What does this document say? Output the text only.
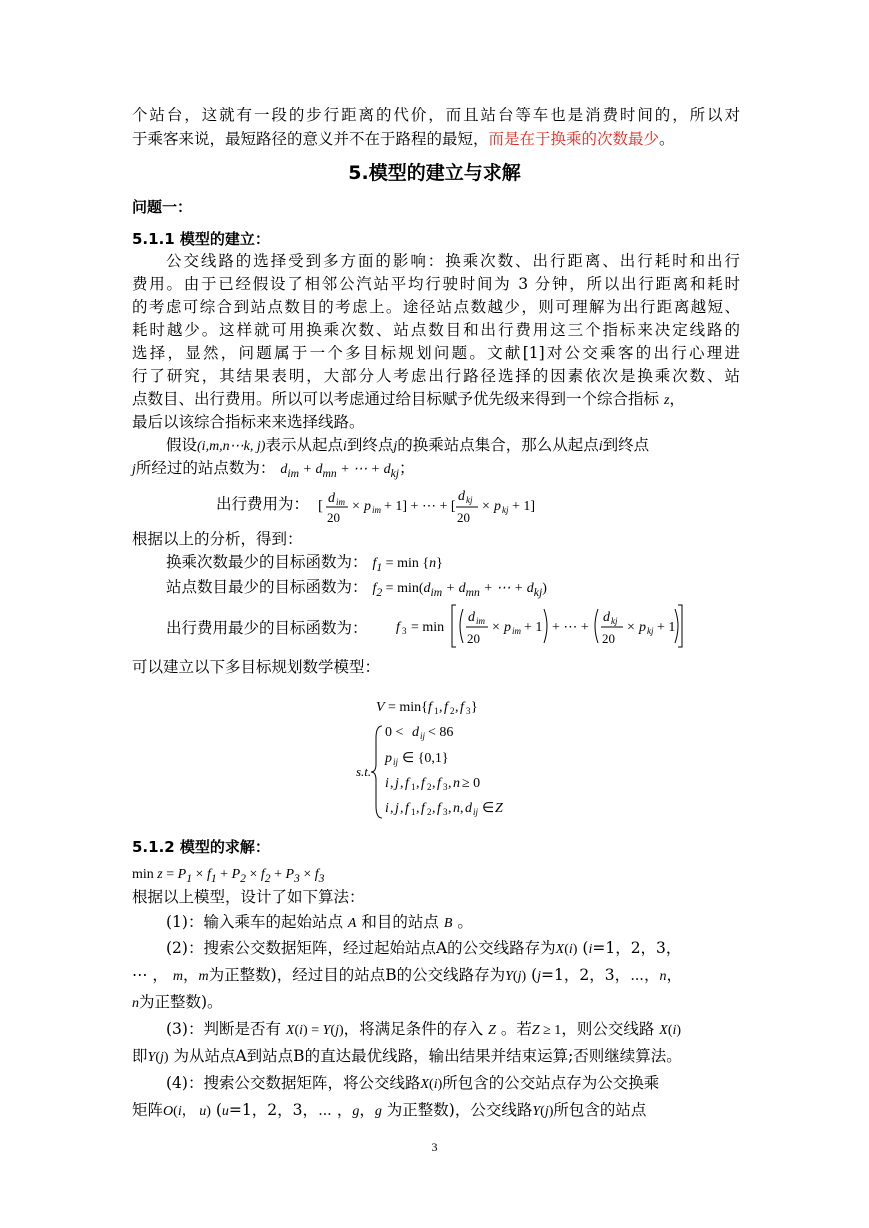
个站台，这就有一段的步行距离的代价，而且站台等车也是消费时间的，所以对
于乘客来说，最短路径的意义并不在于路程的最短，而是在于换乘的次数最少。
5.模型的建立与求解
问题一：
5.1.1 模型的建立：
公交线路的选择受到多方面的影响：换乘次数、出行距离、出行耗时和出行
费用。由于已经假设了相邻公汽站平均行驶时间为 3 分钟，所以出行距离和耗时
的考虑可综合到站点数目的考虑上。途径站点数越少，则可理解为出行距离越短、
耗时越少。这样就可用换乘次数、站点数目和出行费用这三个指标来决定线路的
选择，显然，问题属于一个多目标规划问题。文献[1]对公交乘客的出行心理进
行了研究，其结果表明，大部分人考虑出行路径选择的因素依次是换乘次数、站
点数目、出行费用。所以可以考虑通过给目标赋予优先级来得到一个综合指标 z，
最后以该综合指标来来选择线路。
假设(i,m,n⋯k, j)表示从起点i到终点j的换乘站点集合，那么从起点i到终点
j所经过的站点数为： $d_{im} + d_{mn}$ + ⋯ + $d_{kj}$；
出行费用为： [ d im
20
× p im + 1] + ⋯ + [
d kj
20
× p kj + 1]
根据以上的分析，得到：
换乘次数最少的目标函数为： $f_1 = \min \{n\}$
站点数目最少的目标函数为： $f_2 = \min(d_{im} + d_{mn}$ + ⋯ + $d_{kj}$)
出行费用最少的目标函数为：	f 3 = min
d im
20
× p im + 1 + ⋯ +
d kj
20
× p kj + 1
可以建立以下多目标规划数学模型：
V = min{ f 1 , f 2 , f 3 }
s.t.
0 < d ij < 86
p ij ∈ {0,1}
i , j , f 1 , f 2 , f 3 , n ≥ 0
i , j , f 1 , f 2 , f 3 , n , d ij ∈ Z
5.1.2 模型的求解：
$\min z = P_1 \times f_1 + P_2 \times f_2 + P_3 \times f_3$
根据以上模型，设计了如下算法：
(1)：输入乘车的起始站点 A 和目的站点 B 。
(2)：搜索公交数据矩阵，经过起始站点A的公交线路存为X(i) (i=1，2，3，
⋯ ， m，m为正整数)，经过目的站点B的公交线路存为Y(j) (j=1，2，3，⋯，n，
n为正整数)。
(3)：判断是否有 X(i) = Y(j)，将满足条件的存入 Z 。若Z ≥ 1，则公交线路 X(i)
即Y(j) 为从站点A到站点B的直达最优线路，输出结果并结束运算;否则继续算法。
(4)：搜索公交数据矩阵，将公交线路X(i)所包含的公交站点存为公交换乘
矩阵O(i， u) (u=1，2，3，⋯ ，g，g 为正整数)，公交线路Y(j)所包含的站点
3
